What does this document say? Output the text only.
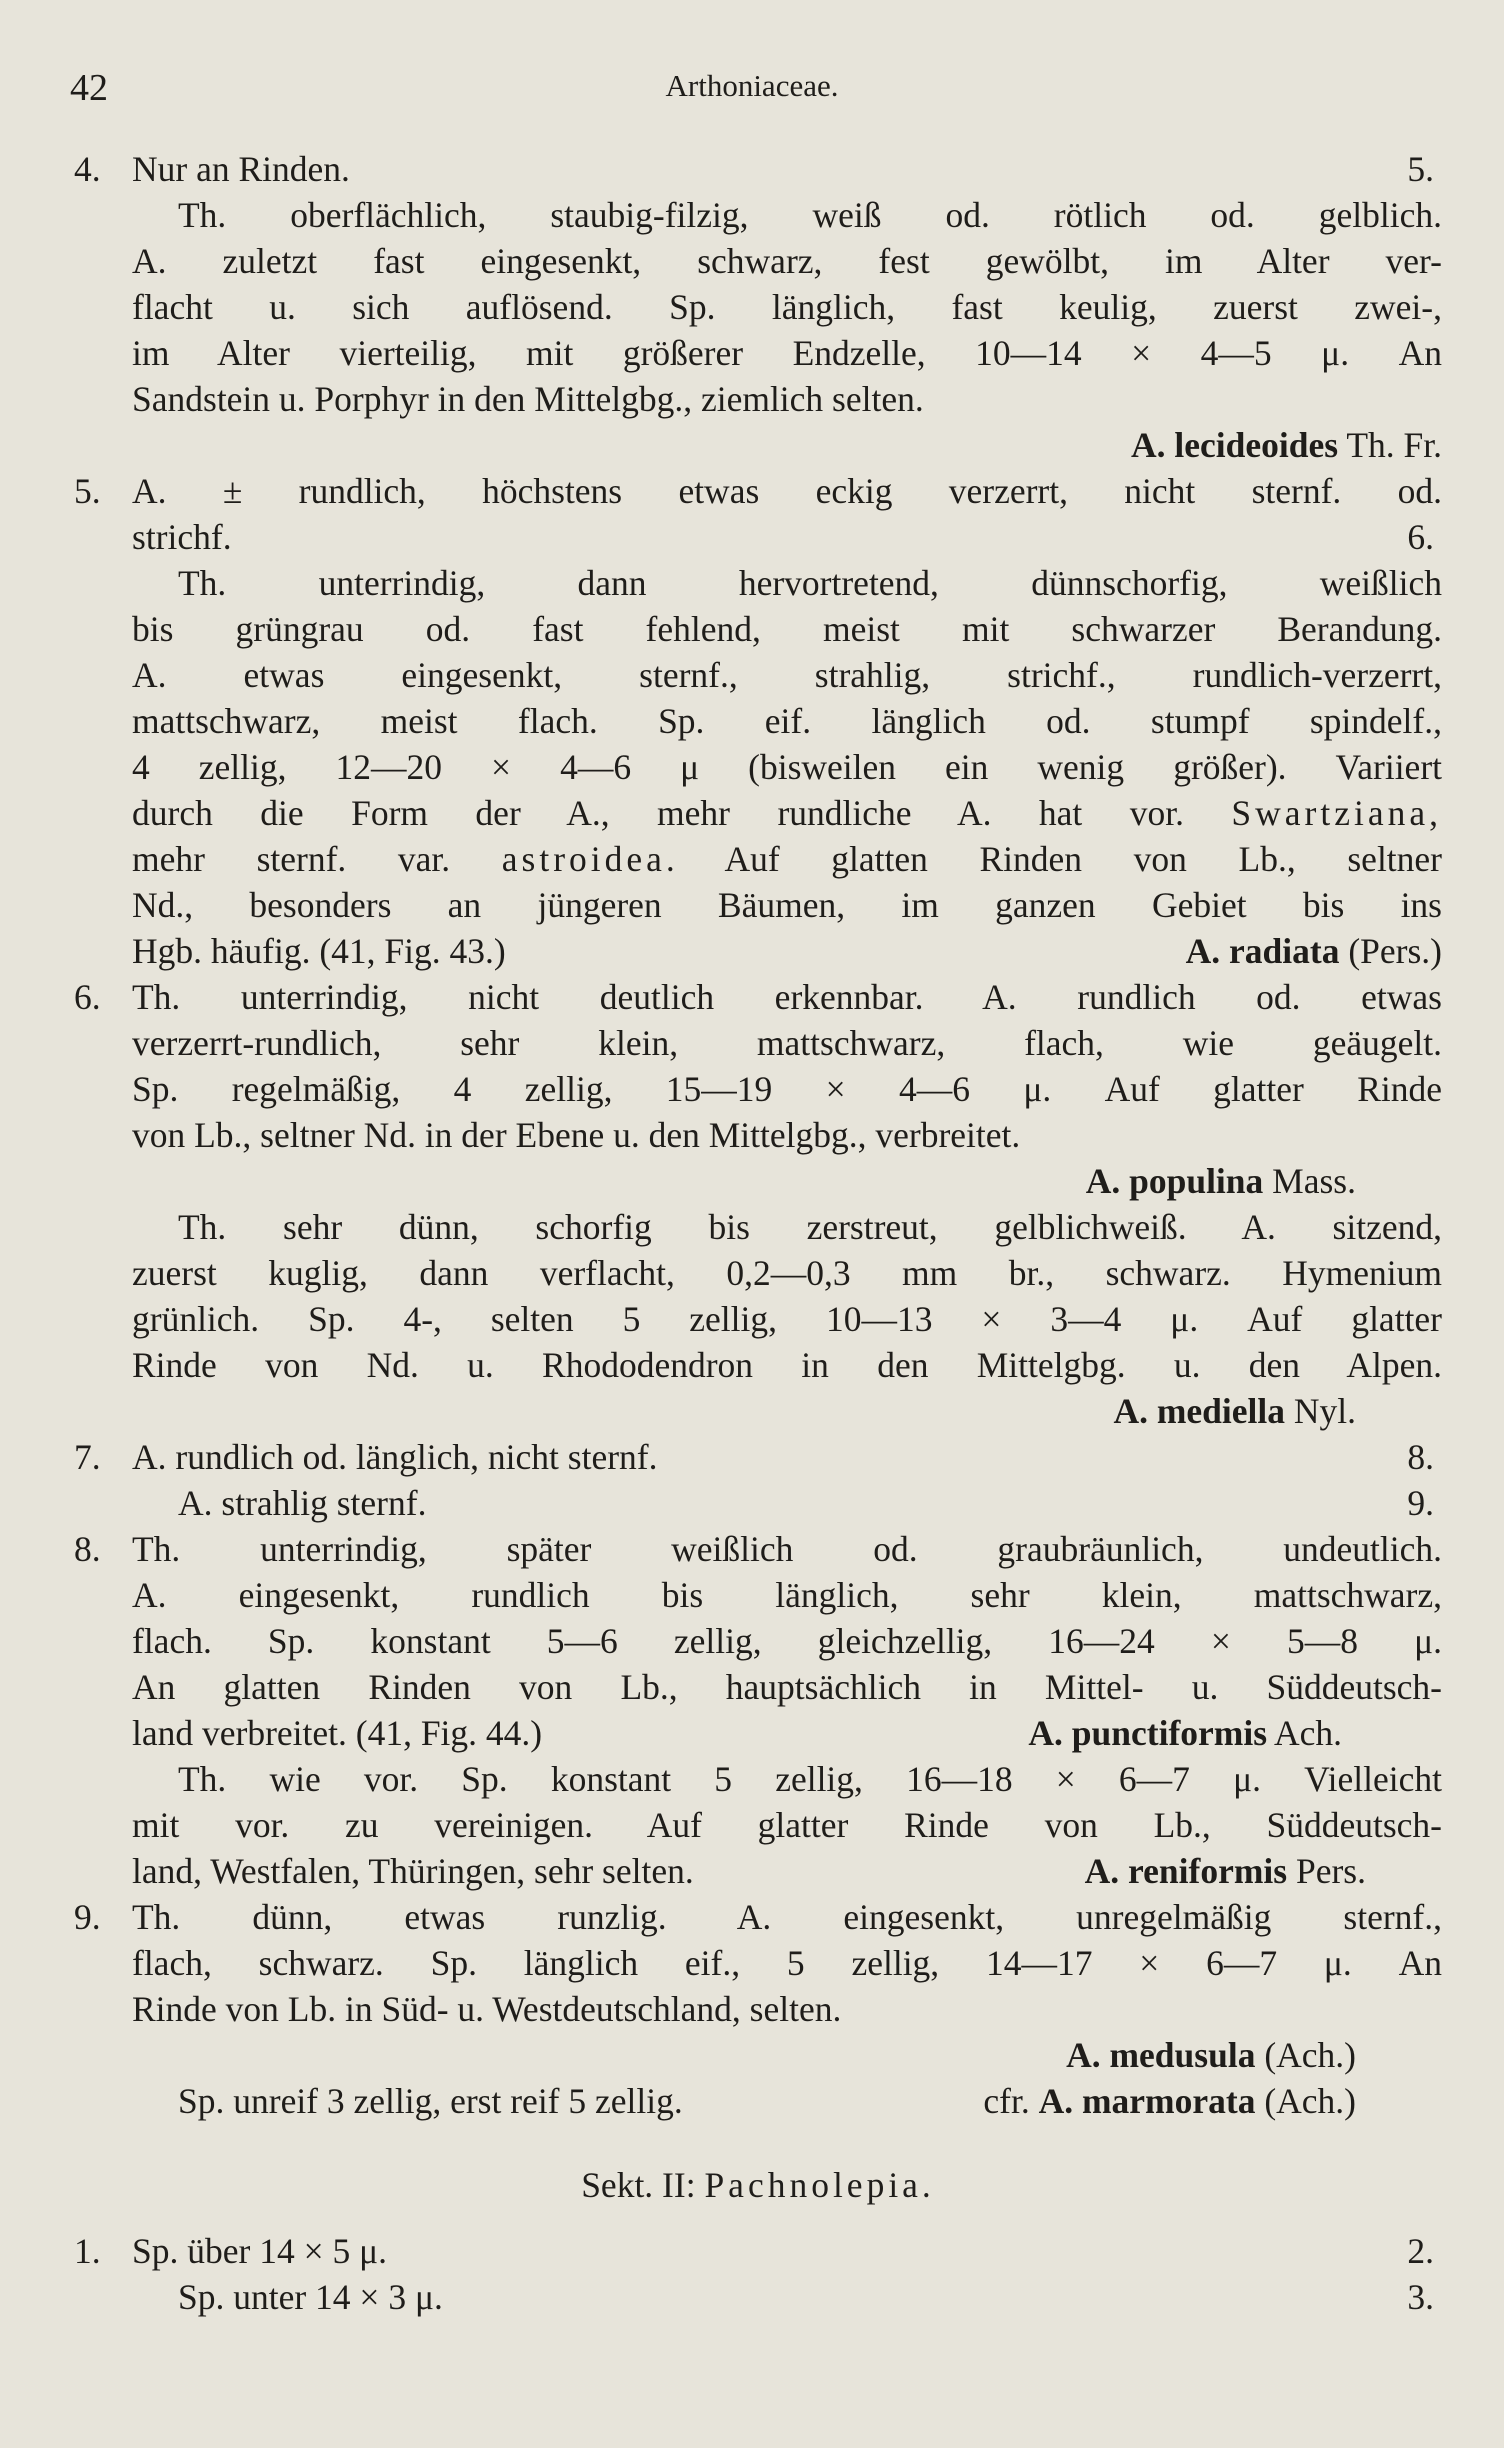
42	Arthoniaceae.
4. Nur an Rinden.	5.
Th. oberflächlich, staubig-filzig, weiß od. rötlich od. gelblich.
A. zuletzt fast eingesenkt, schwarz, fest gewölbt, im Alter ver-
flacht u. sich auflösend. Sp. länglich, fast keulig, zuerst zwei-,
im Alter vierteilig, mit größerer Endzelle, 10—14 × 4—5 μ. An
Sandstein u. Porphyr in den Mittelgbg., ziemlich selten.
A. lecideoides Th. Fr.
5. A. ± rundlich, höchstens etwas eckig verzerrt, nicht sternf. od.
strichf.	6.
Th. unterrindig, dann hervortretend, dünnschorfig, weißlich
bis grüngrau od. fast fehlend, meist mit schwarzer Berandung.
A. etwas eingesenkt, sternf., strahlig, strichf., rundlich-verzerrt,
mattschwarz, meist flach. Sp. eif. länglich od. stumpf spindelf.,
4 zellig, 12—20 × 4—6 μ (bisweilen ein wenig größer). Variiert
durch die Form der A., mehr rundliche A. hat vor. Swartziana,
mehr sternf. var. astroidea. Auf glatten Rinden von Lb., seltner
Nd., besonders an jüngeren Bäumen, im ganzen Gebiet bis ins
Hgb. häufig. (41, Fig. 43.)	A. radiata (Pers.)
6. Th. unterrindig, nicht deutlich erkennbar. A. rundlich od. etwas
verzerrt-rundlich, sehr klein, mattschwarz, flach, wie geäugelt.
Sp. regelmäßig, 4 zellig, 15—19 × 4—6 μ. Auf glatter Rinde
von Lb., seltner Nd. in der Ebene u. den Mittelgbg., verbreitet.
A. populina Mass.
Th. sehr dünn, schorfig bis zerstreut, gelblichweiß. A. sitzend,
zuerst kuglig, dann verflacht, 0,2—0,3 mm br., schwarz. Hymenium
grünlich. Sp. 4-, selten 5 zellig, 10—13 × 3—4 μ. Auf glatter
Rinde von Nd. u. Rhododendron in den Mittelgbg. u. den Alpen.
A. mediella Nyl.
7. A. rundlich od. länglich, nicht sternf.	8.
A. strahlig sternf.	9.
8. Th. unterrindig, später weißlich od. graubräunlich, undeutlich.
A. eingesenkt, rundlich bis länglich, sehr klein, mattschwarz,
flach. Sp. konstant 5—6 zellig, gleichzellig, 16—24 × 5—8 μ.
An glatten Rinden von Lb., hauptsächlich in Mittel- u. Süddeutsch-
land verbreitet. (41, Fig. 44.)	A. punctiformis Ach.
Th. wie vor. Sp. konstant 5 zellig, 16—18 × 6—7 μ. Vielleicht
mit vor. zu vereinigen. Auf glatter Rinde von Lb., Süddeutsch-
land, Westfalen, Thüringen, sehr selten.	A. reniformis Pers.
9. Th. dünn, etwas runzlig. A. eingesenkt, unregelmäßig sternf.,
flach, schwarz. Sp. länglich eif., 5 zellig, 14—17 × 6—7 μ. An
Rinde von Lb. in Süd- u. Westdeutschland, selten.
A. medusula (Ach.)
Sp. unreif 3 zellig, erst reif 5 zellig.	cfr. A. marmorata (Ach.)
Sekt. II: Pachnolepia.
1. Sp. über 14 × 5 μ.	2.
Sp. unter 14 × 3 μ.	3.
